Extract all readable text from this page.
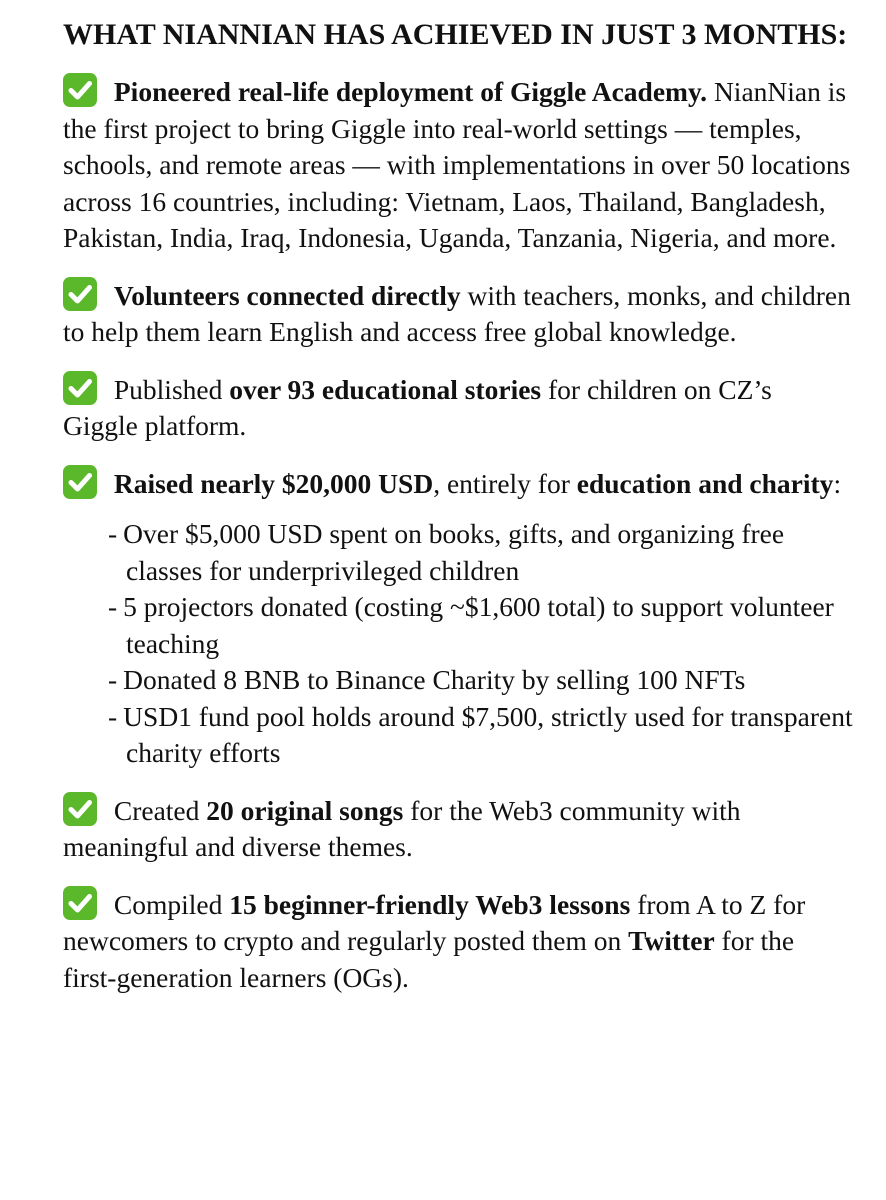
WHAT NIANNIAN HAS ACHIEVED IN JUST 3 MONTHS:

Pioneered real-life deployment of Giggle Academy. NianNian is the first project to bring Giggle into real-world settings — temples, schools, and remote areas — with implementations in over 50 locations across 16 countries, including: Vietnam, Laos, Thailand, Bangladesh, Pakistan, India, Iraq, Indonesia, Uganda, Tanzania, Nigeria, and more.

Volunteers connected directly with teachers, monks, and children to help them learn English and access free global knowledge.

Published over 93 educational stories for children on CZ’s Giggle platform.

Raised nearly $20,000 USD, entirely for education and charity:

- Over $5,000 USD spent on books, gifts, and organizing free classes for underprivileged children
- 5 projectors donated (costing ~$1,600 total) to support volunteer teaching
- Donated 8 BNB to Binance Charity by selling 100 NFTs
- USD1 fund pool holds around $7,500, strictly used for transparent charity efforts

Created 20 original songs for the Web3 community with meaningful and diverse themes.

Compiled 15 beginner-friendly Web3 lessons from A to Z for newcomers to crypto and regularly posted them on Twitter for the first-generation learners (OGs).
